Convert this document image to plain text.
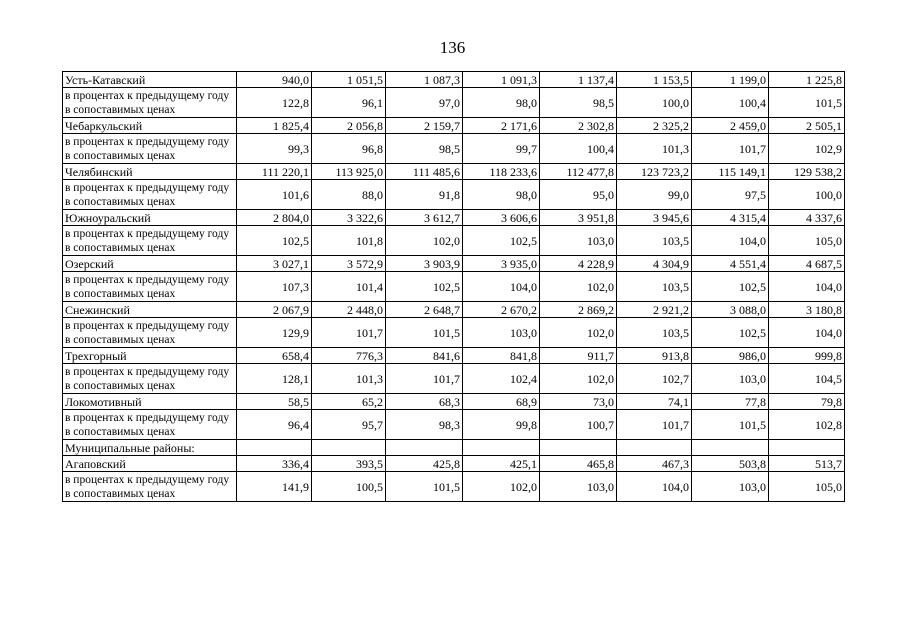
136
Усть-Катавский	940,0	1 051,5	1 087,3	1 091,3	1 137,4	1 153,5	1 199,0	1 225,8
в процентах к предыдущему году в сопоставимых ценах	122,8	96,1	97,0	98,0	98,5	100,0	100,4	101,5
Чебаркульский	1 825,4	2 056,8	2 159,7	2 171,6	2 302,8	2 325,2	2 459,0	2 505,1
в процентах к предыдущему году в сопоставимых ценах	99,3	96,8	98,5	99,7	100,4	101,3	101,7	102,9
Челябинский	111 220,1	113 925,0	111 485,6	118 233,6	112 477,8	123 723,2	115 149,1	129 538,2
в процентах к предыдущему году в сопоставимых ценах	101,6	88,0	91,8	98,0	95,0	99,0	97,5	100,0
Южноуральский	2 804,0	3 322,6	3 612,7	3 606,6	3 951,8	3 945,6	4 315,4	4 337,6
в процентах к предыдущему году в сопоставимых ценах	102,5	101,8	102,0	102,5	103,0	103,5	104,0	105,0
Озерский	3 027,1	3 572,9	3 903,9	3 935,0	4 228,9	4 304,9	4 551,4	4 687,5
в процентах к предыдущему году в сопоставимых ценах	107,3	101,4	102,5	104,0	102,0	103,5	102,5	104,0
Снежинский	2 067,9	2 448,0	2 648,7	2 670,2	2 869,2	2 921,2	3 088,0	3 180,8
в процентах к предыдущему году в сопоставимых ценах	129,9	101,7	101,5	103,0	102,0	103,5	102,5	104,0
Трехгорный	658,4	776,3	841,6	841,8	911,7	913,8	986,0	999,8
в процентах к предыдущему году в сопоставимых ценах	128,1	101,3	101,7	102,4	102,0	102,7	103,0	104,5
Локомотивный	58,5	65,2	68,3	68,9	73,0	74,1	77,8	79,8
в процентах к предыдущему году в сопоставимых ценах	96,4	95,7	98,3	99,8	100,7	101,7	101,5	102,8
Муниципальные районы:								
Агаповский	336,4	393,5	425,8	425,1	465,8	467,3	503,8	513,7
в процентах к предыдущему году в сопоставимых ценах	141,9	100,5	101,5	102,0	103,0	104,0	103,0	105,0
